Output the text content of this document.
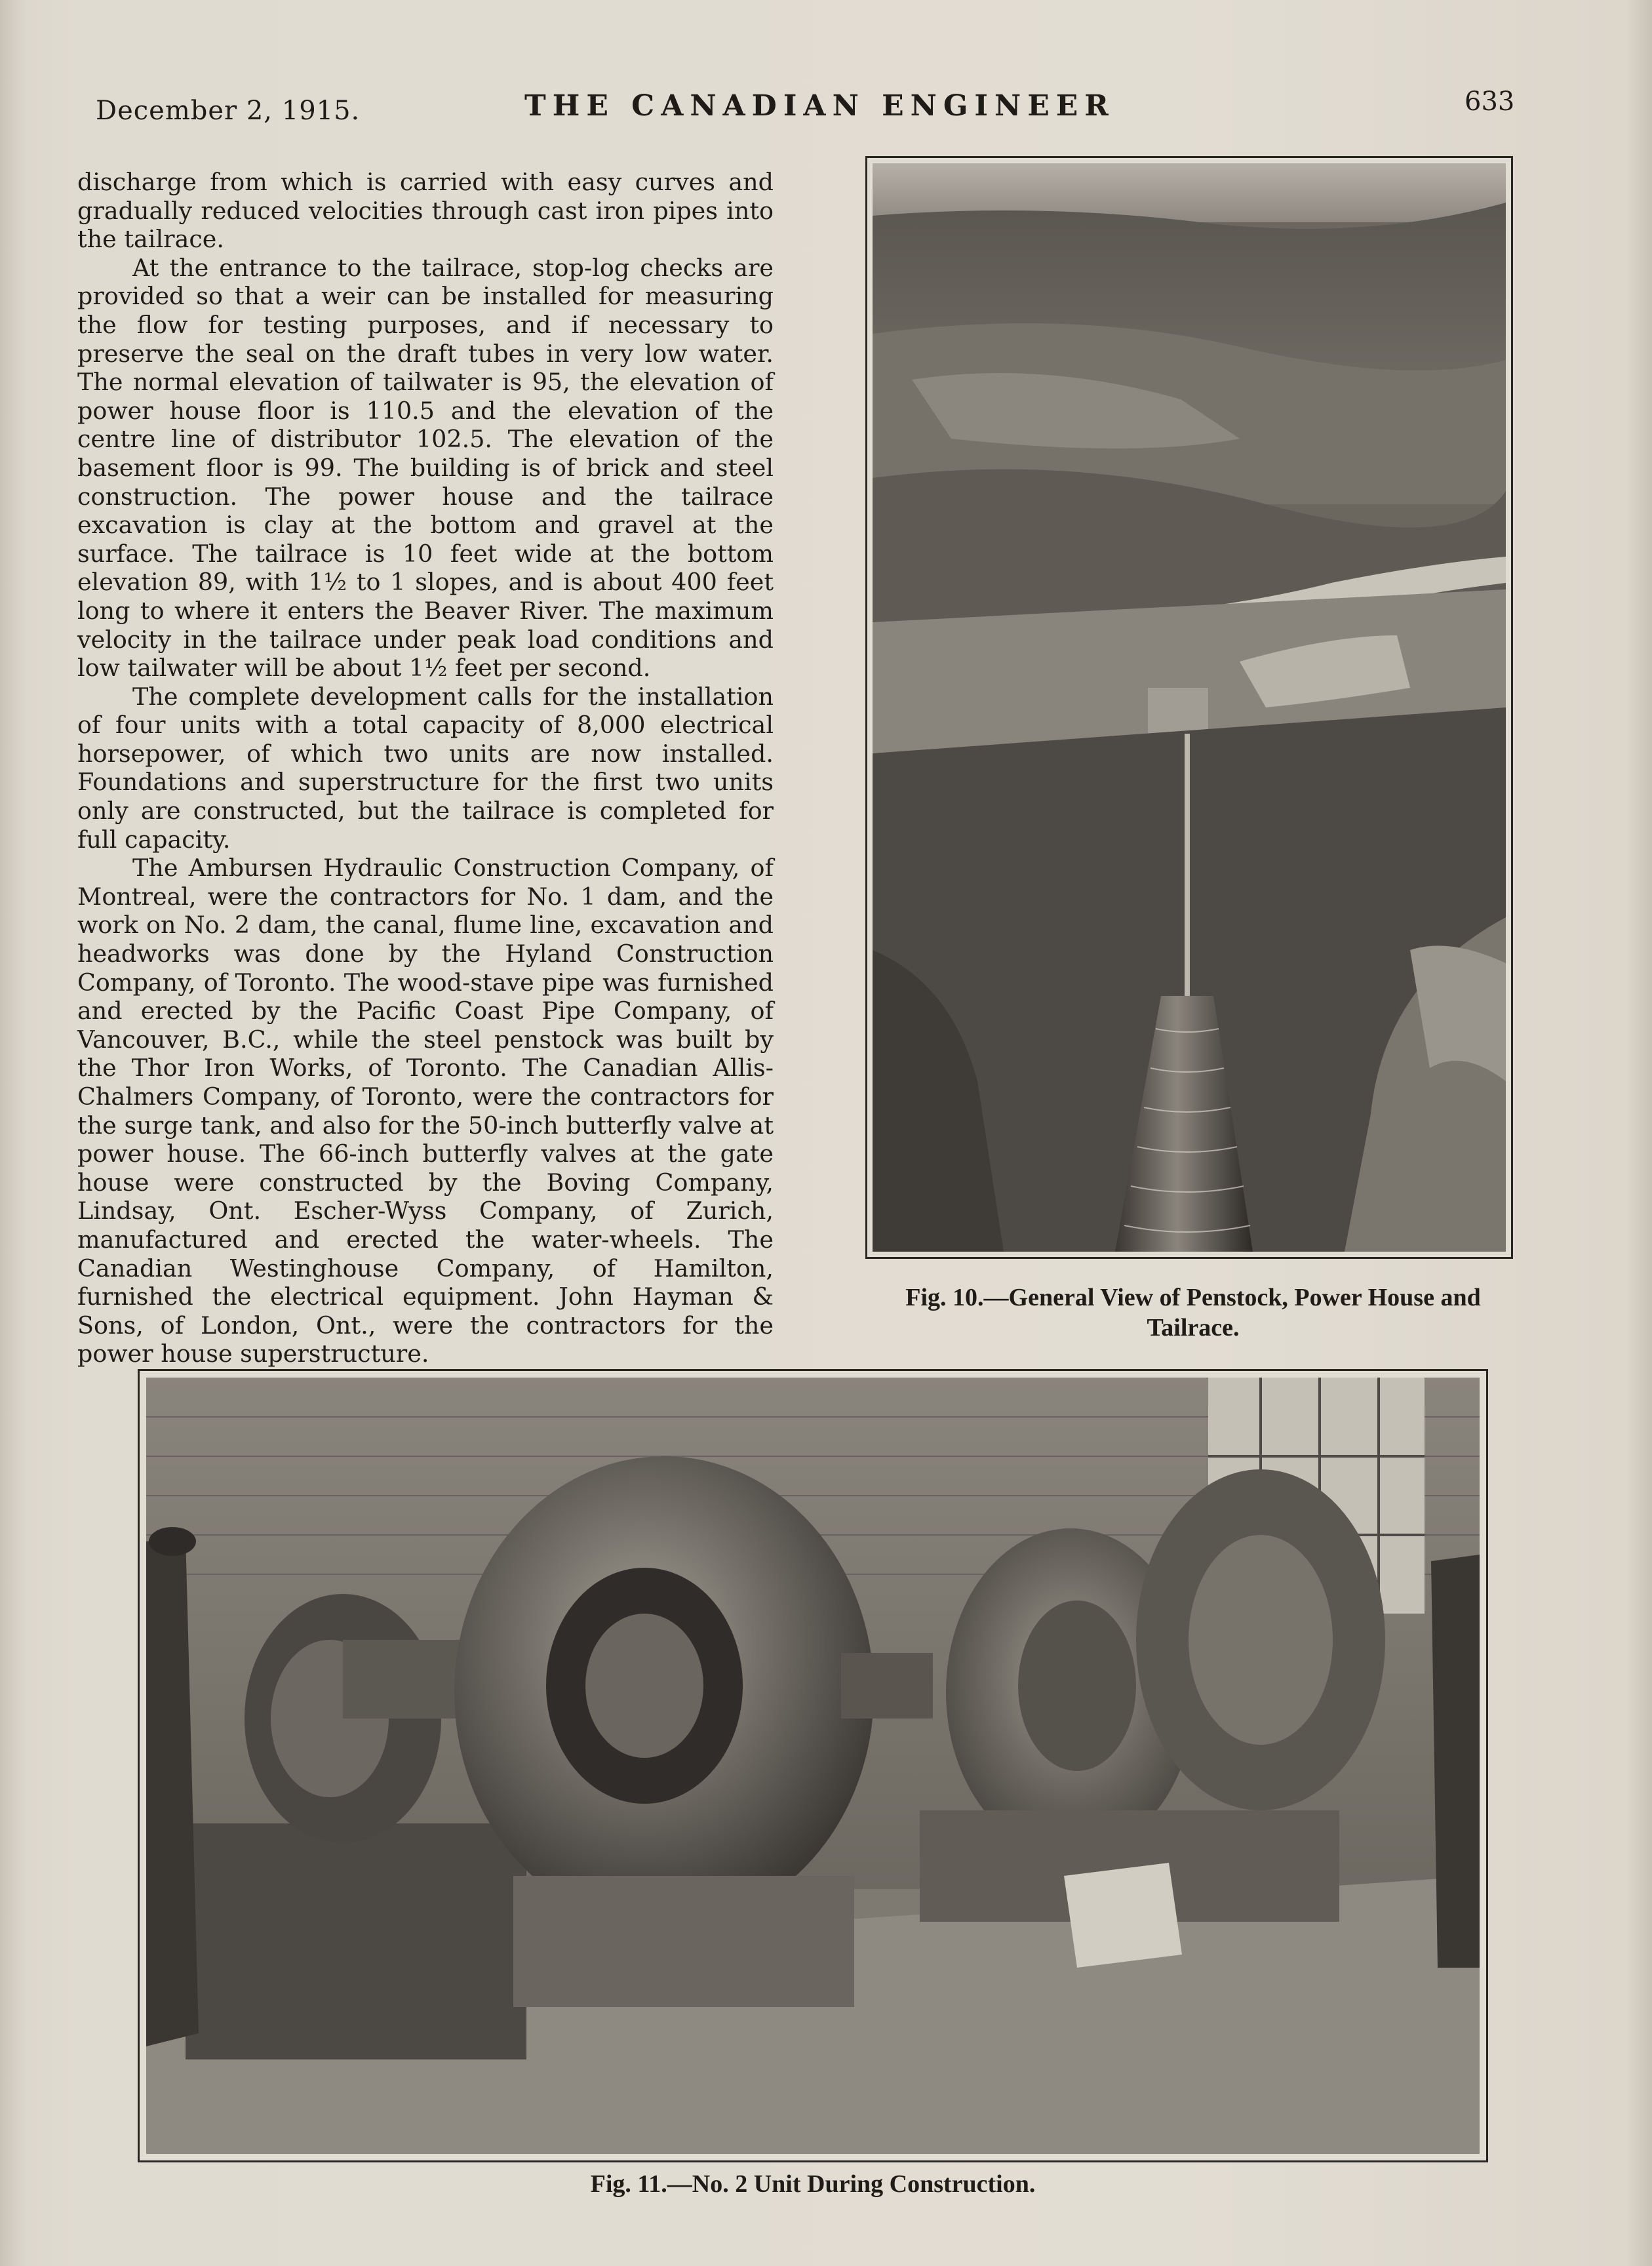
December 2, 1915.	THE CANADIAN ENGINEER	633

discharge from which is carried with easy curves and gradually reduced velocities through cast iron pipes into the tailrace.

At the entrance to the tailrace, stop-log checks are provided so that a weir can be installed for measuring the flow for testing purposes, and if necessary to preserve the seal on the draft tubes in very low water. The normal elevation of tailwater is 95, the elevation of power house floor is 110.5 and the elevation of the centre line of distributor 102.5. The elevation of the basement floor is 99. The building is of brick and steel construction. The power house and the tailrace excavation is clay at the bottom and gravel at the surface. The tailrace is 10 feet wide at the bottom elevation 89, with 1½ to 1 slopes, and is about 400 feet long to where it enters the Beaver River. The maximum velocity in the tailrace under peak load conditions and low tailwater will be about 1½ feet per second.

The complete development calls for the installation of four units with a total capacity of 8,000 electrical horsepower, of which two units are now installed. Foundations and superstructure for the first two units only are constructed, but the tailrace is completed for full capacity.

The Ambursen Hydraulic Construction Company, of Montreal, were the contractors for No. 1 dam, and the work on No. 2 dam, the canal, flume line, excavation and headworks was done by the Hyland Construction Company, of Toronto. The wood-stave pipe was furnished and erected by the Pacific Coast Pipe Company, of Vancouver, B.C., while the steel penstock was built by the Thor Iron Works, of Toronto. The Canadian Allis-Chalmers Company, of Toronto, were the contractors for the surge tank, and also for the 50-inch butterfly valve at power house. The 66-inch butterfly valves at the gate house were constructed by the Boving Company, Lindsay, Ont. Escher-Wyss Company, of Zurich, manufactured and erected the water-wheels. The Canadian Westinghouse Company, of Hamilton, furnished the electrical equipment. John Hayman & Sons, of London, Ont., were the contractors for the power house superstructure.

Fig. 10.—General View of Penstock, Power House and Tailrace.
Fig. 11.—No. 2 Unit During Construction.
